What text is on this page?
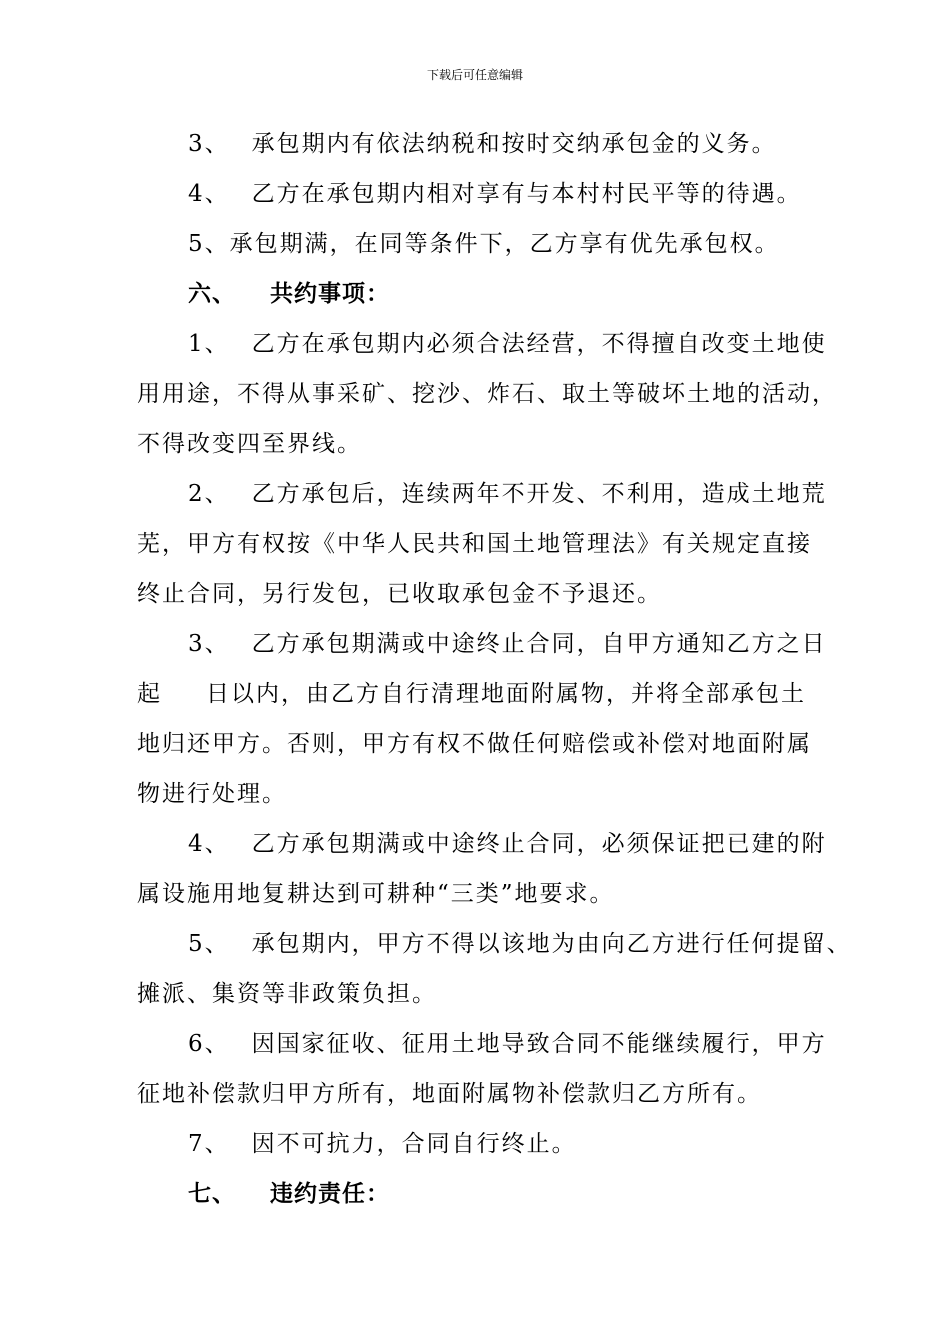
下载后可任意编辑
3、 承包期内有依法纳税和按时交纳承包金的义务。
4、 乙方在承包期内相对享有与本村村民平等的待遇。
5、承包期满，在同等条件下，乙方享有优先承包权。
六、 共约事项：
1、 乙方在承包期内必须合法经营，不得擅自改变土地使
用用途，不得从事采矿、挖沙、炸石、取土等破坏土地的活动，
不得改变四至界线。
2、 乙方承包后，连续两年不开发、不利用，造成土地荒
芜，甲方有权按《中华人民共和国土地管理法》有关规定直接
终止合同，另行发包，已收取承包金不予退还。
3、 乙方承包期满或中途终止合同，自甲方通知乙方之日
起 日以内，由乙方自行清理地面附属物，并将全部承包土
地归还甲方。否则，甲方有权不做任何赔偿或补偿对地面附属
物进行处理。
4、 乙方承包期满或中途终止合同，必须保证把已建的附
属设施用地复耕达到可耕种“三类”地要求。
5、 承包期内，甲方不得以该地为由向乙方进行任何提留、
摊派、集资等非政策负担。
6、 因国家征收、征用土地导致合同不能继续履行，甲方
征地补偿款归甲方所有，地面附属物补偿款归乙方所有。
7、 因不可抗力，合同自行终止。
七、 违约责任：
